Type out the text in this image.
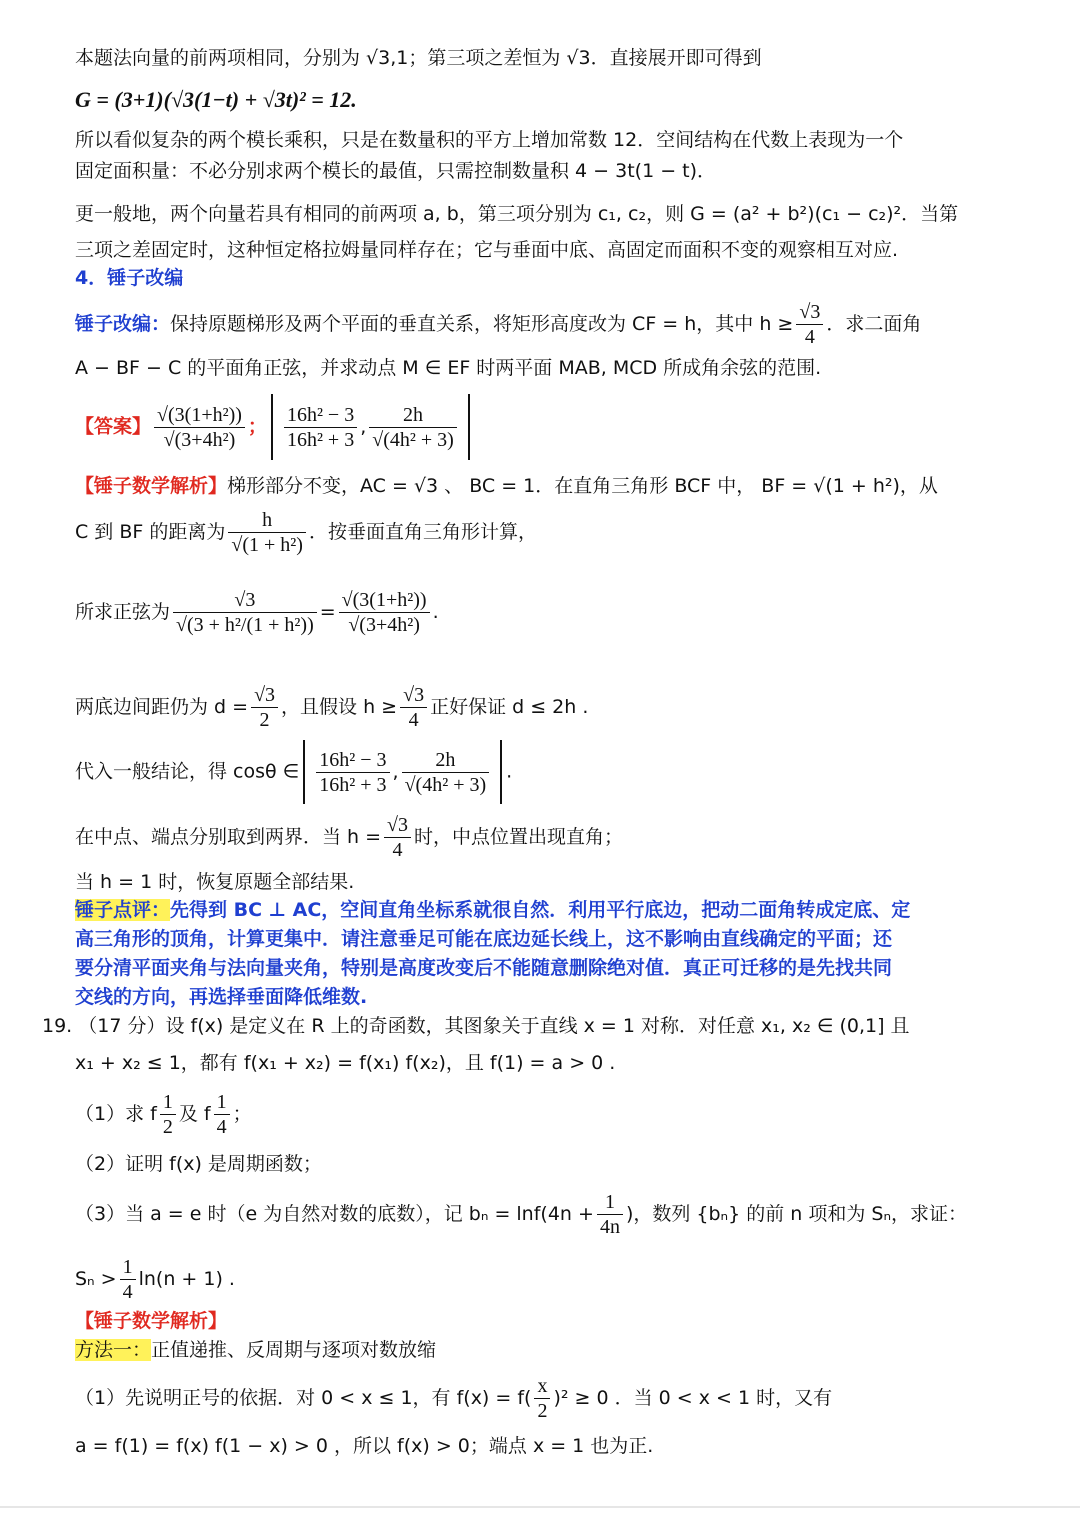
本题法向量的前两项相同，分别为 √3,1；第三项之差恒为 √3．直接展开即可得到
G = (3+1)(√3(1−t) + √3t)² = 12.
所以看似复杂的两个模长乘积，只是在数量积的平方上增加常数 12．空间结构在代数上表现为一个
固定面积量：不必分别求两个模长的最值，只需控制数量积 4 − 3t(1 − t)．
更一般地，两个向量若具有相同的前两项 a, b，第三项分别为 c₁, c₂，则 G = (a² + b²)(c₁ − c₂)²．当第
三项之差固定时，这种恒定格拉姆量同样存在；它与垂面中底、高固定而面积不变的观察相互对应.
4．锤子改编
锤子改编：保持原题梯形及两个平面的垂直关系，将矩形高度改为 CF = h，其中 $h \ge \frac{√3}{4}$ ．求二面角
A − BF − C 的平面角正弦，并求动点 M ∈ EF 时两平面 MAB, MCD 所成角余弦的范围.
【答案】 $\frac{\text{√(3(1+h²))}}{\text{√(3+4h²)}}$ ； $\frac{\text{16h² − 3}}{\text{16h² + 3}}$ , $\frac{2h}{\text{√(4h² + 3)}}$
【锤子数学解析】梯形部分不变，AC = √3 、 BC = 1．在直角三角形 BCF 中， BF = √(1 + h²)，从
C 到 BF 的距离为 $\frac{h}{\text{√(1 + h²)}}$ ．按垂面直角三角形计算，
所求正弦为 $\frac{√3}{\text{√(3 + h²/(1 + h²))}} = \frac{\text{√(3(1+h²))}}{\text{√(3+4h²)}}$ .
两底边间距仍为 $d = \frac{√3}{2}$ ，且假设 $h \ge \frac{√3}{4}$ 正好保证 d ≤ 2h .
代入一般结论，得 cosθ ∈ $\frac{\text{16h² − 3}}{\text{16h² + 3}}$ , $\frac{2h}{\text{√(4h² + 3)}}$ .
在中点、端点分别取到两界．当 $h = \frac{√3}{4}$ 时，中点位置出现直角；
当 h = 1 时，恢复原题全部结果.
锤子点评：先得到 BC ⊥ AC，空间直角坐标系就很自然．利用平行底边，把动二面角转成定底、定
高三角形的顶角，计算更集中．请注意垂足可能在底边延长线上，这不影响由直线确定的平面；还
要分清平面夹角与法向量夹角，特别是高度改变后不能随意删除绝对值．真正可迁移的是先找共同
交线的方向，再选择垂面降低维数.
19. （17 分）设 f(x) 是定义在 R 上的奇函数，其图象关于直线 x = 1 对称．对任意 x₁, x₂ ∈ (0,1] 且
x₁ + x₂ ≤ 1，都有 f(x₁ + x₂) = f(x₁) f(x₂)，且 f(1) = a > 0 .
（1）求 f $\frac{1}{2}$ 及 f $\frac{1}{4}$ ；
（2）证明 f(x) 是周期函数；
（3）当 a = e 时（e 为自然对数的底数），记 $b_n = \ln f(4n + \frac{1}{4n}$ )，数列 {bₙ} 的前 n 项和为 Sₙ，求证：
$S_n > \frac{1}{4} \ln(n + 1)$ .
【锤子数学解析】
方法一：正值递推、反周期与逐项对数放缩
（1）先说明正号的依据．对 0 < x ≤ 1，有 $f(x) = f( \frac{x}{2} )^2 \ge 0$ ．当 0 < x < 1 时，又有
a = f(1) = f(x) f(1 − x) > 0 ，所以 f(x) > 0；端点 x = 1 也为正.
